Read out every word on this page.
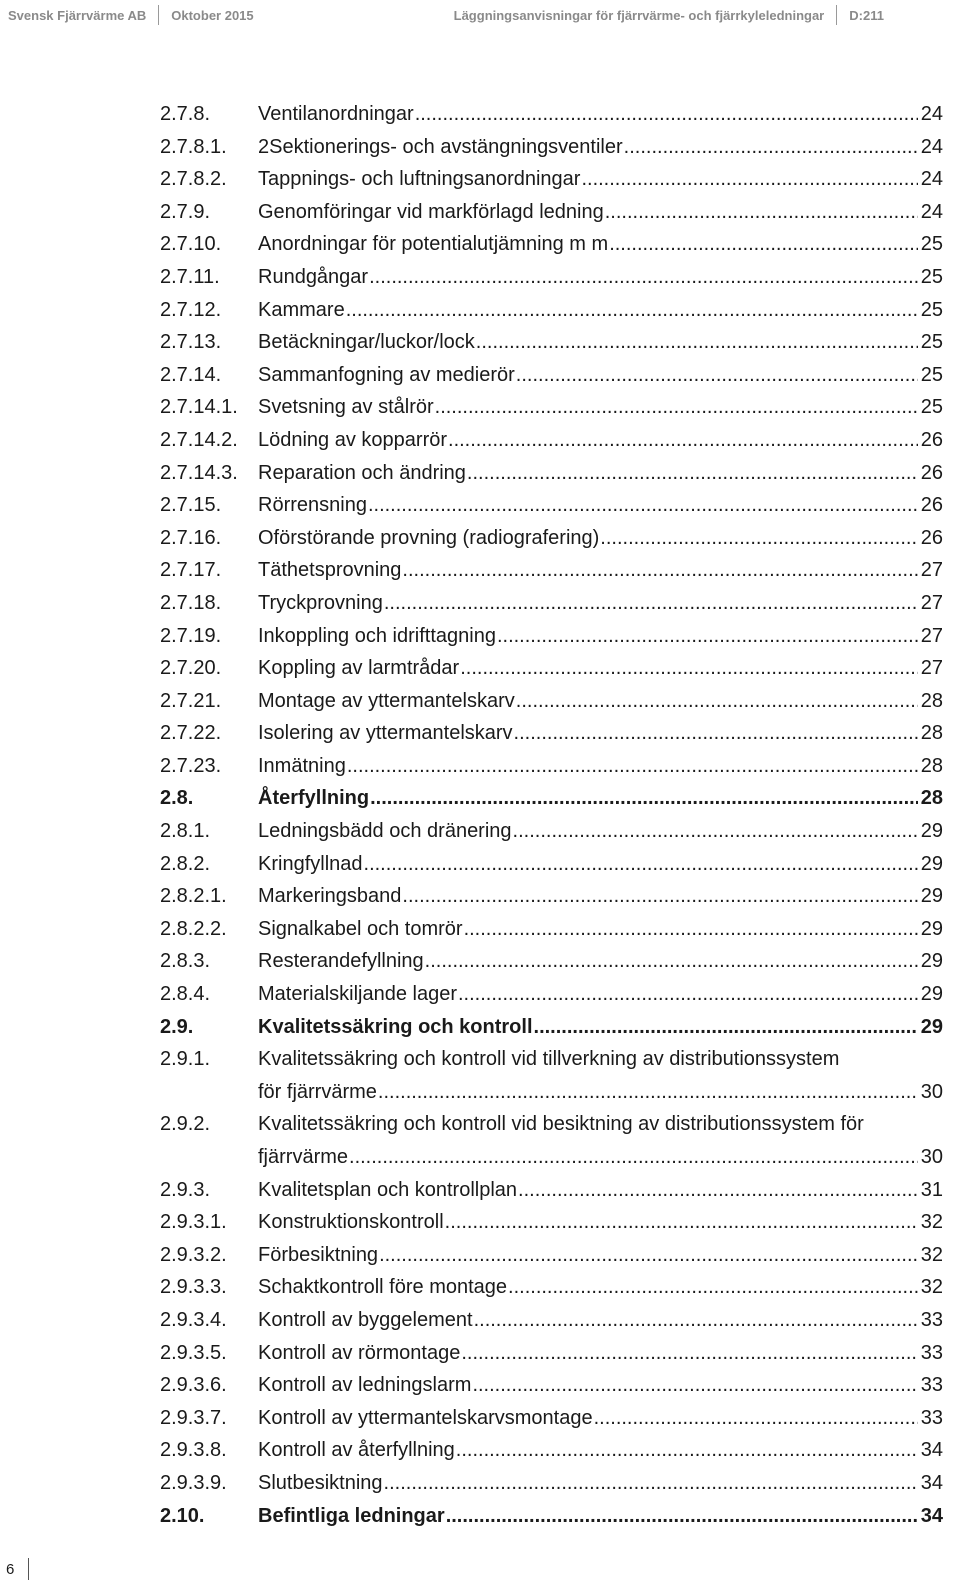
Svensk Fjärrvärme AB Oktober 2015	Läggningsanvisningar för fjärrvärme- och fjärrkyleledningar D:211
2.7.8.	Ventilanordningar .....	24
2.7.8.1.	2Sektionerings- och avstängningsventiler .....	24
2.7.8.2.	Tappnings- och luftningsanordningar .....	24
2.7.9.	Genomföringar vid markförlagd ledning .....	24
2.7.10.	Anordningar för potentialutjämning m m .....	25
2.7.11.	Rundgångar .....	25
2.7.12.	Kammare .....	25
2.7.13.	Betäckningar/luckor/lock .....	25
2.7.14.	Sammanfogning av medierör .....	25
2.7.14.1.	Svetsning av stålrör .....	25
2.7.14.2.	Lödning av kopparrör .....	26
2.7.14.3.	Reparation och ändring .....	26
2.7.15.	Rörrensning .....	26
2.7.16.	Oförstörande provning (radiografering) .....	26
2.7.17.	Täthetsprovning .....	27
2.7.18.	Tryckprovning .....	27
2.7.19.	Inkoppling och idrifttagning .....	27
2.7.20.	Koppling av larmtrådar .....	27
2.7.21.	Montage av yttermantelskarv .....	28
2.7.22.	Isolering av yttermantelskarv .....	28
2.7.23.	Inmätning .....	28
2.8.	Återfyllning .....	28
2.8.1.	Ledningsbädd och dränering .....	29
2.8.2.	Kringfyllnad .....	29
2.8.2.1.	Markeringsband .....	29
2.8.2.2.	Signalkabel och tomrör .....	29
2.8.3.	Resterandefyllning .....	29
2.8.4.	Materialskiljande lager .....	29
2.9.	Kvalitetssäkring och kontroll .....	29
2.9.1.	Kvalitetssäkring och kontroll vid tillverkning av distributionssystem
för fjärrvärme .....	30
2.9.2.	Kvalitetssäkring och kontroll vid besiktning av distributionssystem för
fjärrvärme .....	30
2.9.3.	Kvalitetsplan och kontrollplan .....	31
2.9.3.1.	Konstruktionskontroll .....	32
2.9.3.2.	Förbesiktning .....	32
2.9.3.3.	Schaktkontroll före montage .....	32
2.9.3.4.	Kontroll av byggelement .....	33
2.9.3.5.	Kontroll av rörmontage .....	33
2.9.3.6.	Kontroll av ledningslarm .....	33
2.9.3.7.	Kontroll av yttermantelskarvsmontage .....	33
2.9.3.8.	Kontroll av återfyllning .....	34
2.9.3.9.	Slutbesiktning .....	34
2.10.	Befintliga ledningar .....	34
6
